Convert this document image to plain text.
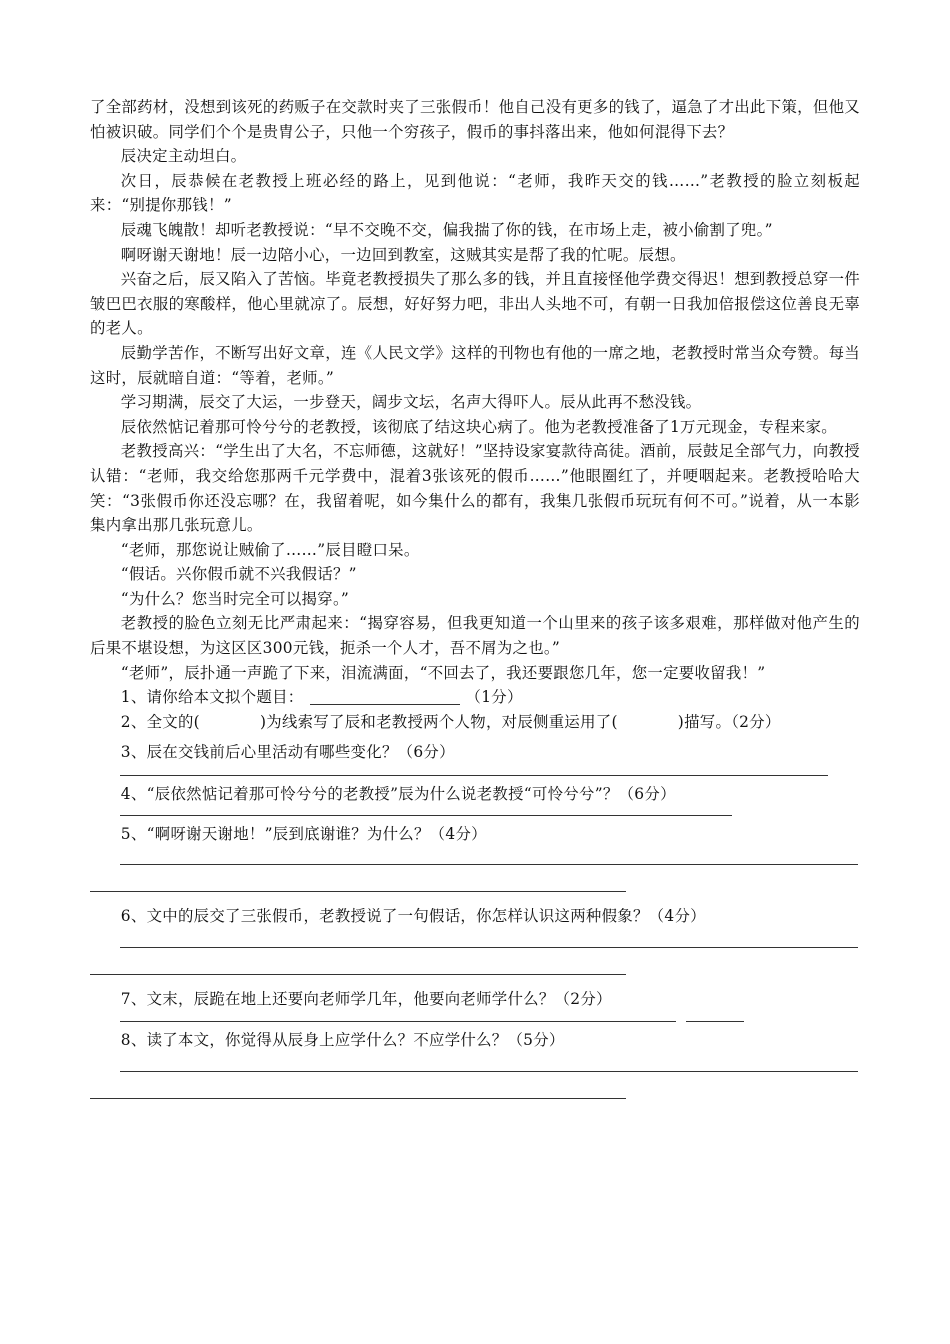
了全部药材，没想到该死的药贩子在交款时夹了三张假币！他自己没有更多的钱了，逼急了才出此下策，但他又怕被识破。同学们个个是贵胄公子，只他一个穷孩子，假币的事抖落出来，他如何混得下去？

辰决定主动坦白。

次日，辰恭候在老教授上班必经的路上，见到他说：“老师，我昨天交的钱……”老教授的脸立刻板起来：“别提你那钱！”

辰魂飞魄散！却听老教授说：“早不交晚不交，偏我揣了你的钱，在市场上走，被小偷割了兜。”

啊呀谢天谢地！辰一边陪小心，一边回到教室，这贼其实是帮了我的忙呢。辰想。

兴奋之后，辰又陷入了苦恼。毕竟老教授损失了那么多的钱，并且直接怪他学费交得迟！想到教授总穿一件皱巴巴衣服的寒酸样，他心里就凉了。辰想，好好努力吧，非出人头地不可，有朝一日我加倍报偿这位善良无辜的老人。

辰勤学苦作，不断写出好文章，连《人民文学》这样的刊物也有他的一席之地，老教授时常当众夸赞。每当这时，辰就暗自道：“等着，老师。”

学习期满，辰交了大运，一步登天，阔步文坛，名声大得吓人。辰从此再不愁没钱。

辰依然惦记着那可怜兮兮的老教授，该彻底了结这块心病了。他为老教授准备了1万元现金，专程来家。

老教授高兴：“学生出了大名，不忘师德，这就好！”坚持设家宴款待高徒。酒前，辰鼓足全部气力，向教授认错：“老师，我交给您那两千元学费中，混着3张该死的假币……”他眼圈红了，并哽咽起来。老教授哈哈大笑：“3张假币你还没忘哪？在，我留着呢，如今集什么的都有，我集几张假币玩玩有何不可。”说着，从一本影集内拿出那几张玩意儿。

“老师，那您说让贼偷了……”辰目瞪口呆。

“假话。兴你假币就不兴我假话？”

“为什么？您当时完全可以揭穿。”

老教授的脸色立刻无比严肃起来：“揭穿容易，但我更知道一个山里来的孩子该多艰难，那样做对他产生的后果不堪设想，为这区区300元钱，扼杀一个人才，吾不屑为之也。”

“老师”，辰扑通一声跪了下来，泪流满面，“不回去了，我还要跟您几年，您一定要收留我！”

1、请你给本文拟个题目：	（1分）

2、全文的(	)为线索写了辰和老教授两个人物，对辰侧重运用了(	)描写。（2分）

3、辰在交钱前后心里活动有哪些变化？（6分）

4、“辰依然惦记着那可怜兮兮的老教授”辰为什么说老教授“可怜兮兮”？（6分）

5、“啊呀谢天谢地！”辰到底谢谁？为什么？（4分）

6、文中的辰交了三张假币，老教授说了一句假话，你怎样认识这两种假象？（4分）

7、文末，辰跪在地上还要向老师学几年，他要向老师学什么？（2分）

8、读了本文，你觉得从辰身上应学什么？不应学什么？（5分）
